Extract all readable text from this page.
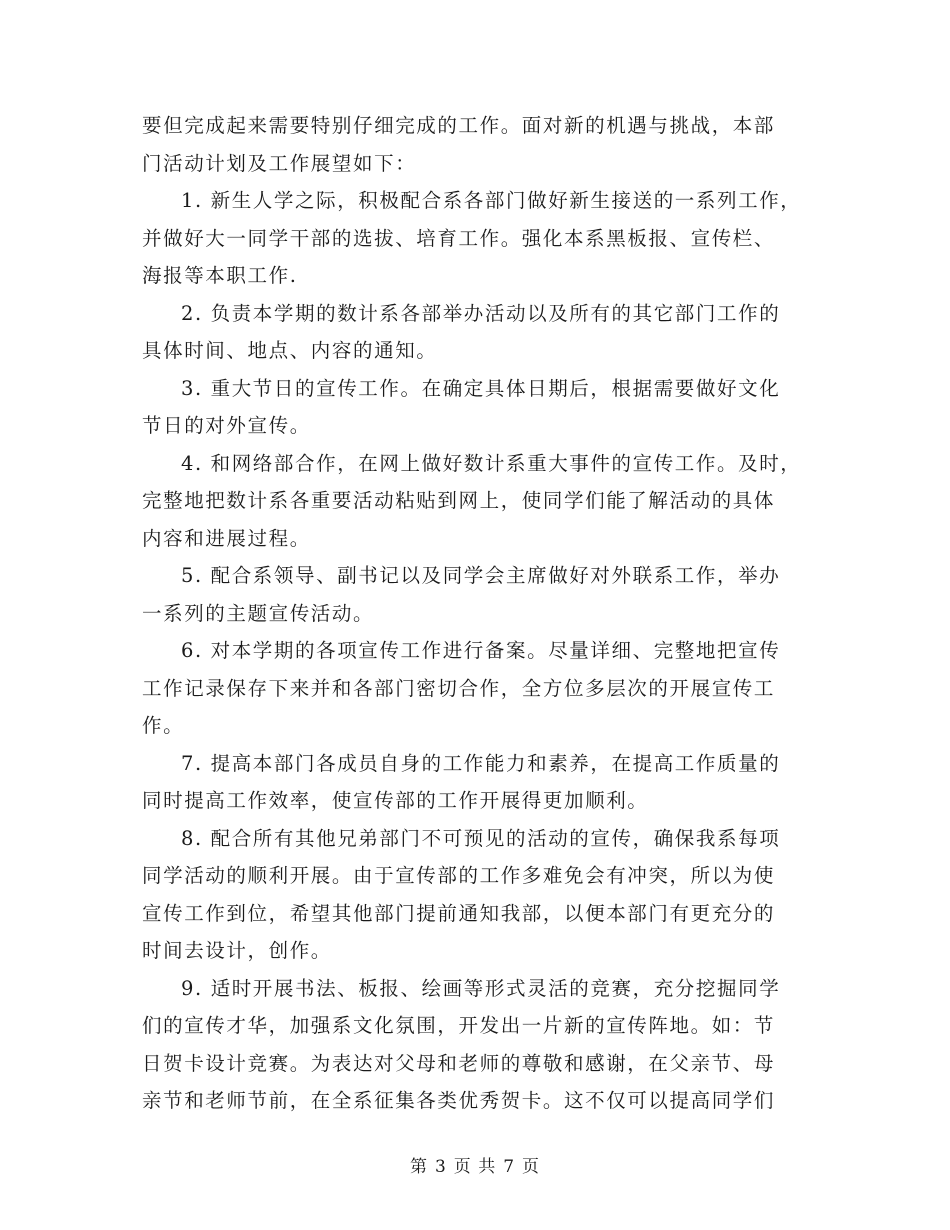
要但完成起来需要特别仔细完成的工作。面对新的机遇与挑战，本部
门活动计划及工作展望如下：
1. 新生人学之际，积极配合系各部门做好新生接送的一系列工作，
并做好大一同学干部的选拔、培育工作。强化本系黑板报、宣传栏、
海报等本职工作.
2. 负责本学期的数计系各部举办活动以及所有的其它部门工作的
具体时间、地点、内容的通知。
3. 重大节日的宣传工作。在确定具体日期后，根据需要做好文化
节日的对外宣传。
4. 和网络部合作，在网上做好数计系重大事件的宣传工作。及时，
完整地把数计系各重要活动粘贴到网上，使同学们能了解活动的具体
内容和进展过程。
5. 配合系领导、副书记以及同学会主席做好对外联系工作，举办
一系列的主题宣传活动。
6. 对本学期的各项宣传工作进行备案。尽量详细、完整地把宣传
工作记录保存下来并和各部门密切合作，全方位多层次的开展宣传工
作。
7. 提高本部门各成员自身的工作能力和素养，在提高工作质量的
同时提高工作效率，使宣传部的工作开展得更加顺利。
8. 配合所有其他兄弟部门不可预见的活动的宣传，确保我系每项
同学活动的顺利开展。由于宣传部的工作多难免会有冲突，所以为使
宣传工作到位，希望其他部门提前通知我部，以便本部门有更充分的
时间去设计，创作。
9. 适时开展书法、板报、绘画等形式灵活的竞赛，充分挖掘同学
们的宣传才华，加强系文化氛围，开发出一片新的宣传阵地。如：节
日贺卡设计竞赛。为表达对父母和老师的尊敬和感谢，在父亲节、母
亲节和老师节前，在全系征集各类优秀贺卡。这不仅可以提高同学们
第 3 页 共 7 页
